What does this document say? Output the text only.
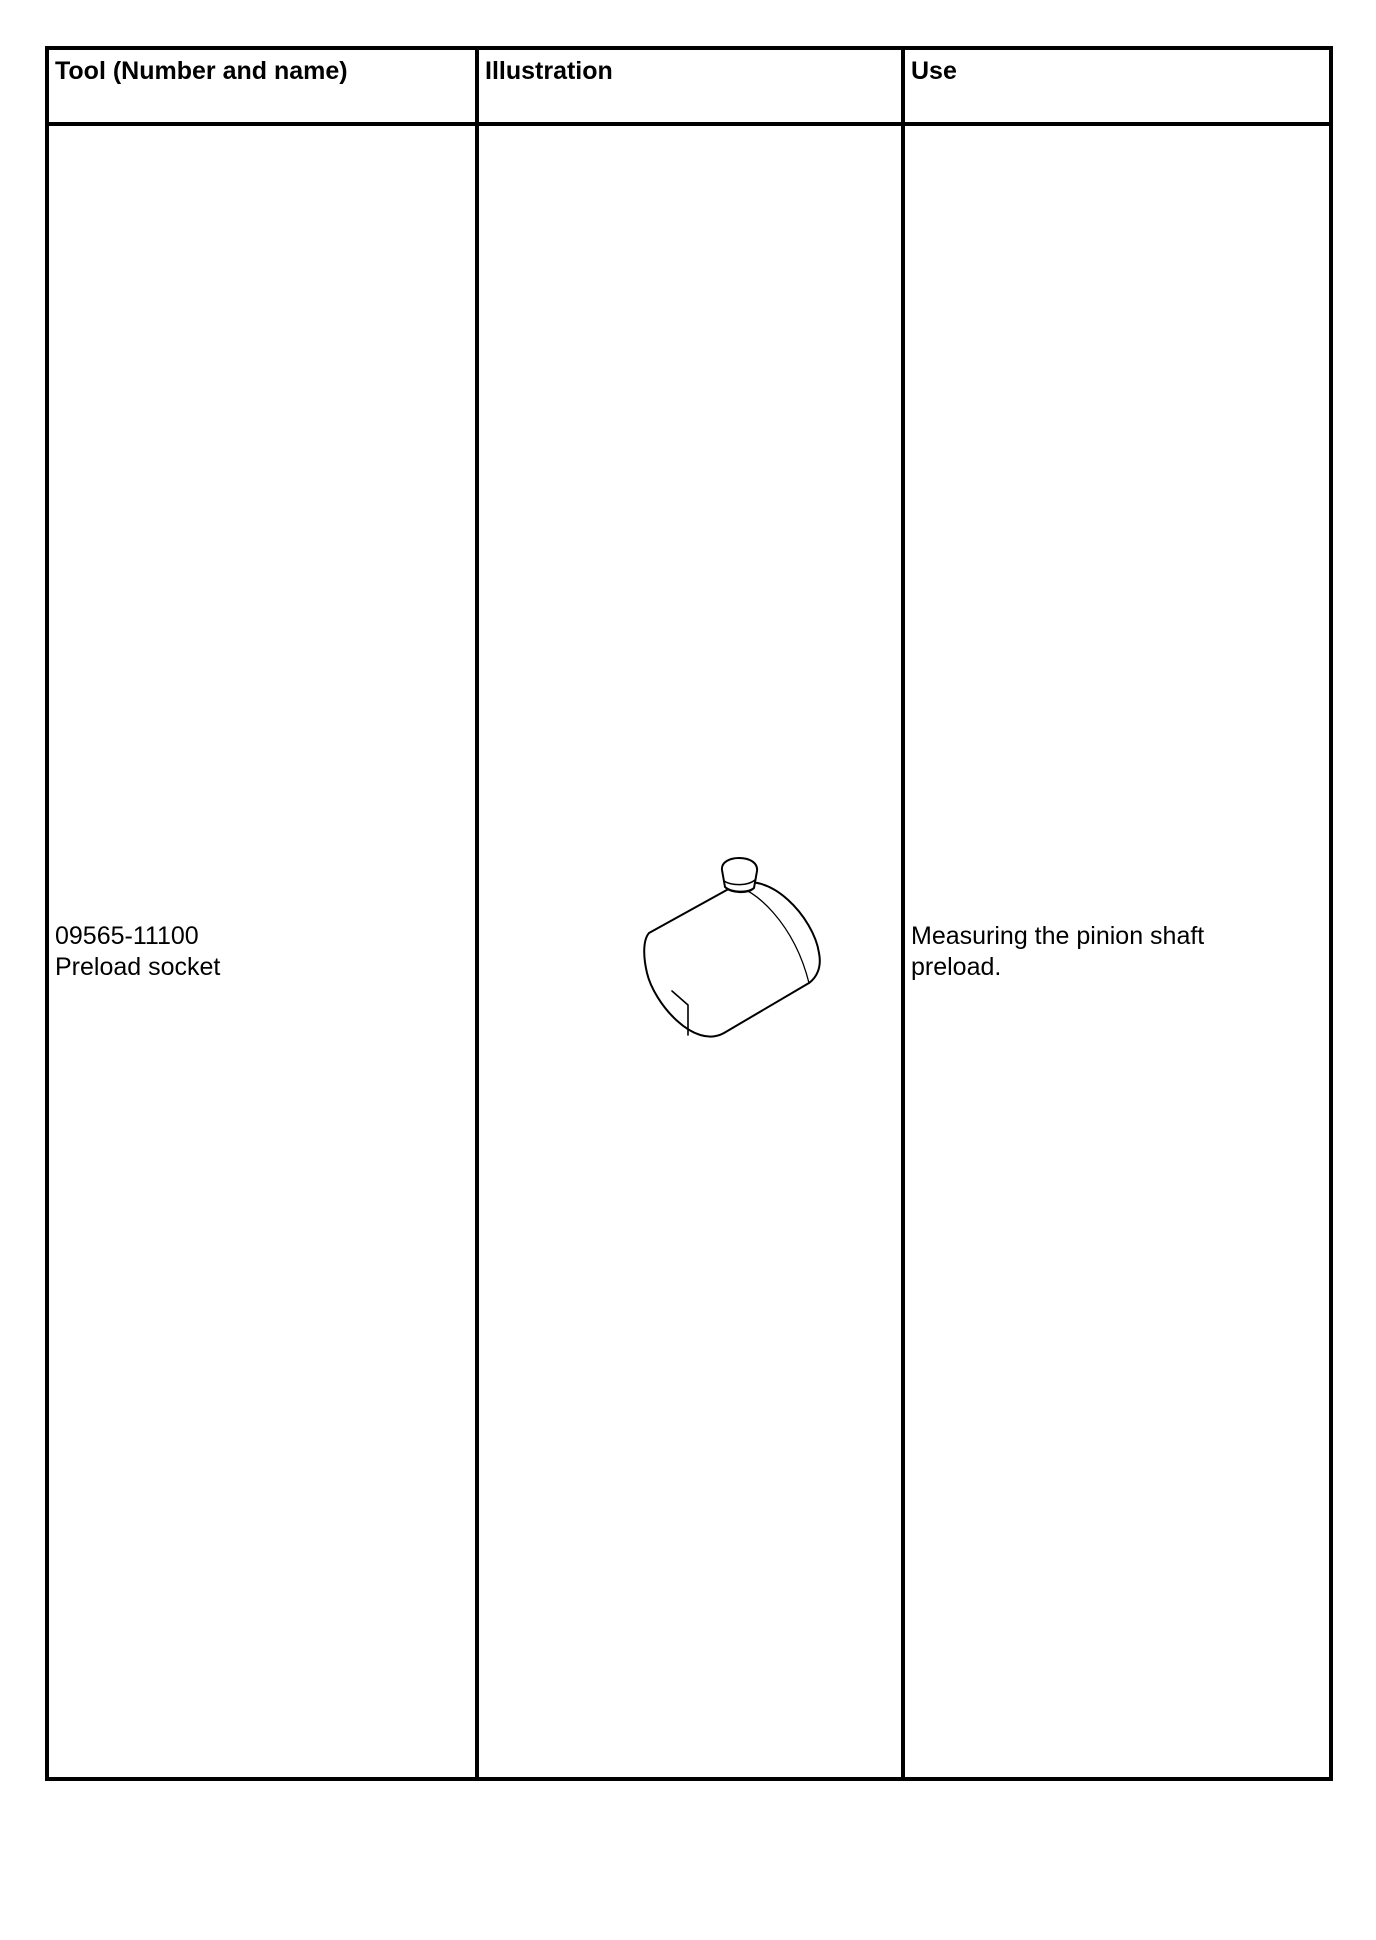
Tool (Number and name)	Illustration	Use
09565-11100
Preload socket
Measuring the pinion shaft
preload.
